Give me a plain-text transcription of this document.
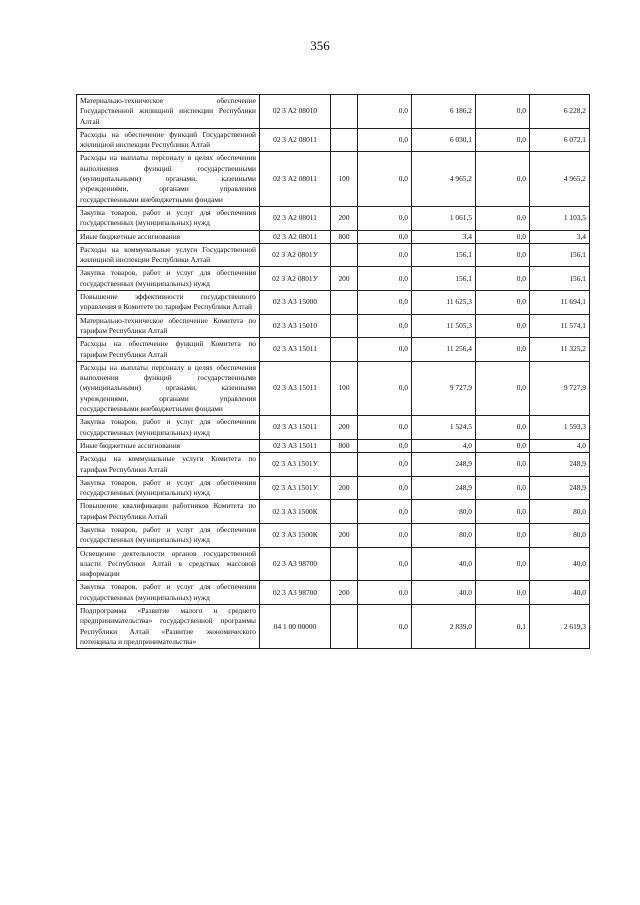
356
Материально-техническое обеспечение Государственной жилищной инспекции Республики Алтай	02 3 А2 08010		0,0	6 186,2	0,0	6 228,2
Расходы на обеспечение функций Государственной жилищной инспекции Республики Алтай	02 3 А2 08011		0,0	6 030,1	0,0	6 072,1
Расходы на выплаты персоналу в целях обеспечения выполнения функций государственными (муниципальными) органами, казенными учреждениями, органами управления государственными внебюджетными фондами	02 3 А2 08011	100	0,0	4 965,2	0,0	4 965,2
Закупка товаров, работ и услуг для обеспечения государственных (муниципальных) нужд	02 3 А2 08011	200	0,0	1 061,5	0,0	1 103,5
Иные бюджетные ассигнования	02 3 А2 08011	800	0,0	3,4	0,0	3,4
Расходы на коммунальные услуги Государственной жилищной инспекции Республики Алтай	02 3 А2 0801У		0,0	156,1	0,0	156,1
Закупка товаров, работ и услуг для обеспечения государственных (муниципальных) нужд	02 3 А2 0801У	200	0,0	156,1	0,0	156,1
Повышение эффективности государственного управления в Комитете по тарифам Республики Алтай	02 3 А3 15000		0,0	11 625,3	0,0	11 694,1
Материально-техническое обеспечение Комитета по тарифам Республики Алтай	02 3 А3 15010		0,0	11 505,3	0,0	11 574,1
Расходы на обеспечение функций Комитета по тарифам Республики Алтай	02 3 А3 15011		0,0	11 256,4	0,0	11 325,2
Расходы на выплаты персоналу в целях обеспечения выполнения функций государственными (муниципальными) органами, казенными учреждениями, органами управления государственными внебюджетными фондами	02 3 А3 15011	100	0,0	9 727,9	0,0	9 727,9
Закупка товаров, работ и услуг для обеспечения государственных (муниципальных) нужд	02 3 А3 15011	200	0,0	1 524,5	0,0	1 593,3
Иные бюджетные ассигнования	02 3 А3 15011	800	0,0	4,0	0,0	4,0
Расходы на коммунальные услуги Комитета по тарифам Республики Алтай	02 3 А3 1501У		0,0	248,9	0,0	248,9
Закупка товаров, работ и услуг для обеспечения государственных (муниципальных) нужд	02 3 А3 1501У	200	0,0	248,9	0,0	248,9
Повышение квалификации работников Комитета по тарифам Республики Алтай	02 3 А3 1500К		0,0	80,0	0,0	80,0
Закупка товаров, работ и услуг для обеспечения государственных (муниципальных) нужд	02 3 А3 1500К	200	0,0	80,0	0,0	80,0
Освещение деятельности органов государственной власти Республики Алтай в средствах массовой информации	02 3 А3 98700		0,0	40,0	0,0	40,0
Закупка товаров, работ и услуг для обеспечения государственных (муниципальных) нужд	02 3 А3 98700	200	0,0	40,0	0,0	40,0
Подпрограмма «Развитие малого и среднего предпринимательства» государственной программы Республики Алтай «Развитие экономического потенциала и предпринимательства»	04 1 00 00000		0,0	2 839,0	0,1	2 619,3
